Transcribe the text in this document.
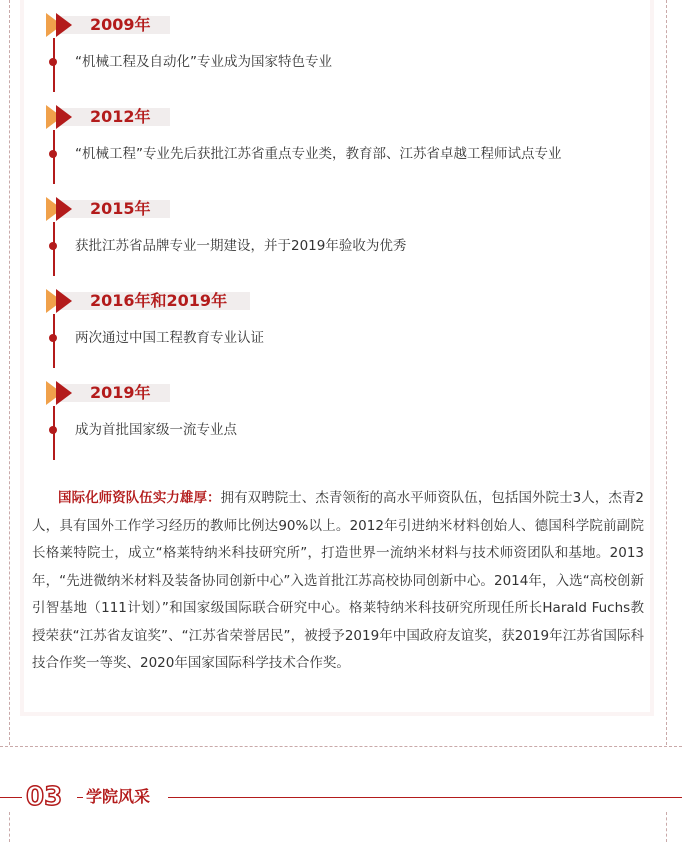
2009年
“机械工程及自动化”专业成为国家特色专业
2012年
“机械工程”专业先后获批江苏省重点专业类，教育部、江苏省卓越工程师试点专业
2015年
获批江苏省品牌专业一期建设，并于2019年验收为优秀
2016年和2019年
两次通过中国工程教育专业认证
2019年
成为首批国家级一流专业点
国际化师资队伍实力雄厚：拥有双聘院士、杰青领衔的高水平师资队伍，包括国外院士3人，杰青2人，具有国外工作学习经历的教师比例达90%以上。2012年引进纳米材料创始人、德国科学院前副院长格莱特院士，成立“格莱特纳米科技研究所”，打造世界一流纳米材料与技术师资团队和基地。2013年，“先进微纳米材料及装备协同创新中心”入选首批江苏高校协同创新中心。2014年，入选“高校创新引智基地（111计划）”和国家级国际联合研究中心。格莱特纳米科技研究所现任所长Harald Fuchs教授荣获“江苏省友谊奖”、“江苏省荣誉居民”，被授予2019年中国政府友谊奖，获2019年江苏省国际科技合作奖一等奖、2020年国家国际科学技术合作奖。
03 学院风采
